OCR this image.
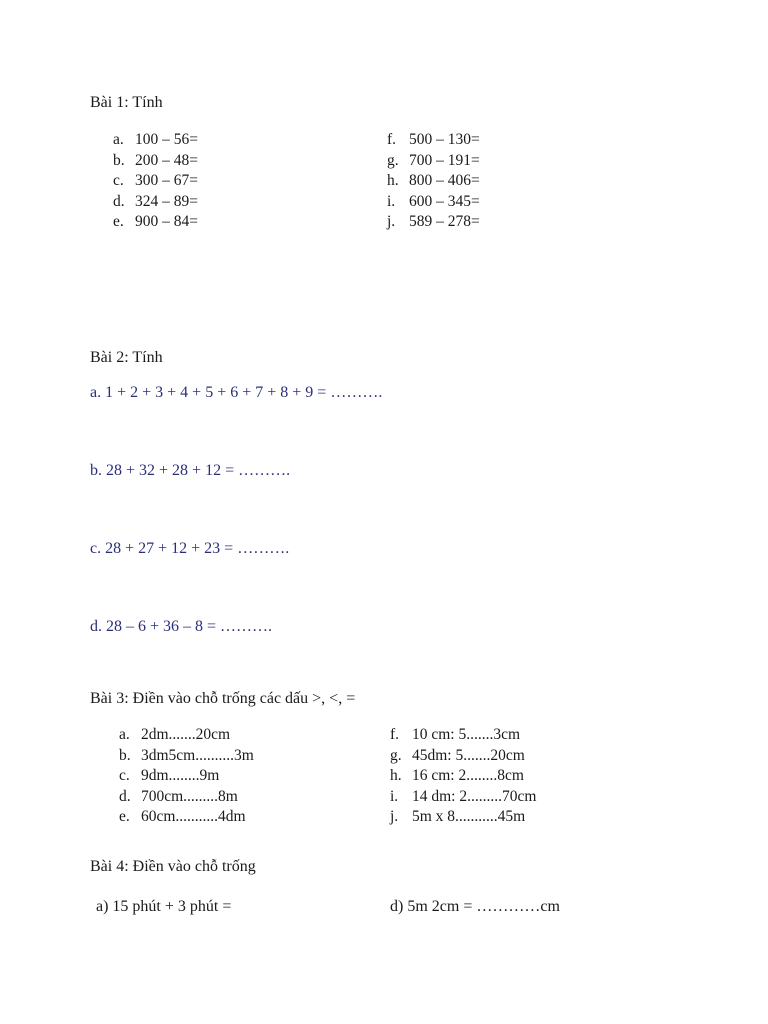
Bài 1: Tính
a. 100 – 56=
b. 200 – 48=
c. 300 – 67=
d. 324 – 89=
e. 900 – 84=
f. 500 – 130=
g. 700 – 191=
h. 800 – 406=
i. 600 – 345=
j. 589 – 278=
Bài 2: Tính
a. 1 + 2 + 3 + 4 + 5 + 6 + 7 + 8 + 9 = ……….
b. 28 + 32 + 28 + 12 = ……….
c. 28 + 27 + 12 + 23 = ……….
d. 28 – 6 + 36 – 8 = ……….
Bài 3: Điền vào chỗ trống các dấu >, <, =
a. 2dm.......20cm
b. 3dm5cm..........3m
c. 9dm........9m
d. 700cm.........8m
e. 60cm...........4dm
f. 10 cm: 5.......3cm
g. 45dm: 5.......20cm
h. 16 cm: 2........8cm
i. 14 dm: 2.........70cm
j. 5m x 8...........45m
Bài 4: Điền vào chỗ trống
a) 15 phút + 3 phút =	d) 5m 2cm = …………cm
